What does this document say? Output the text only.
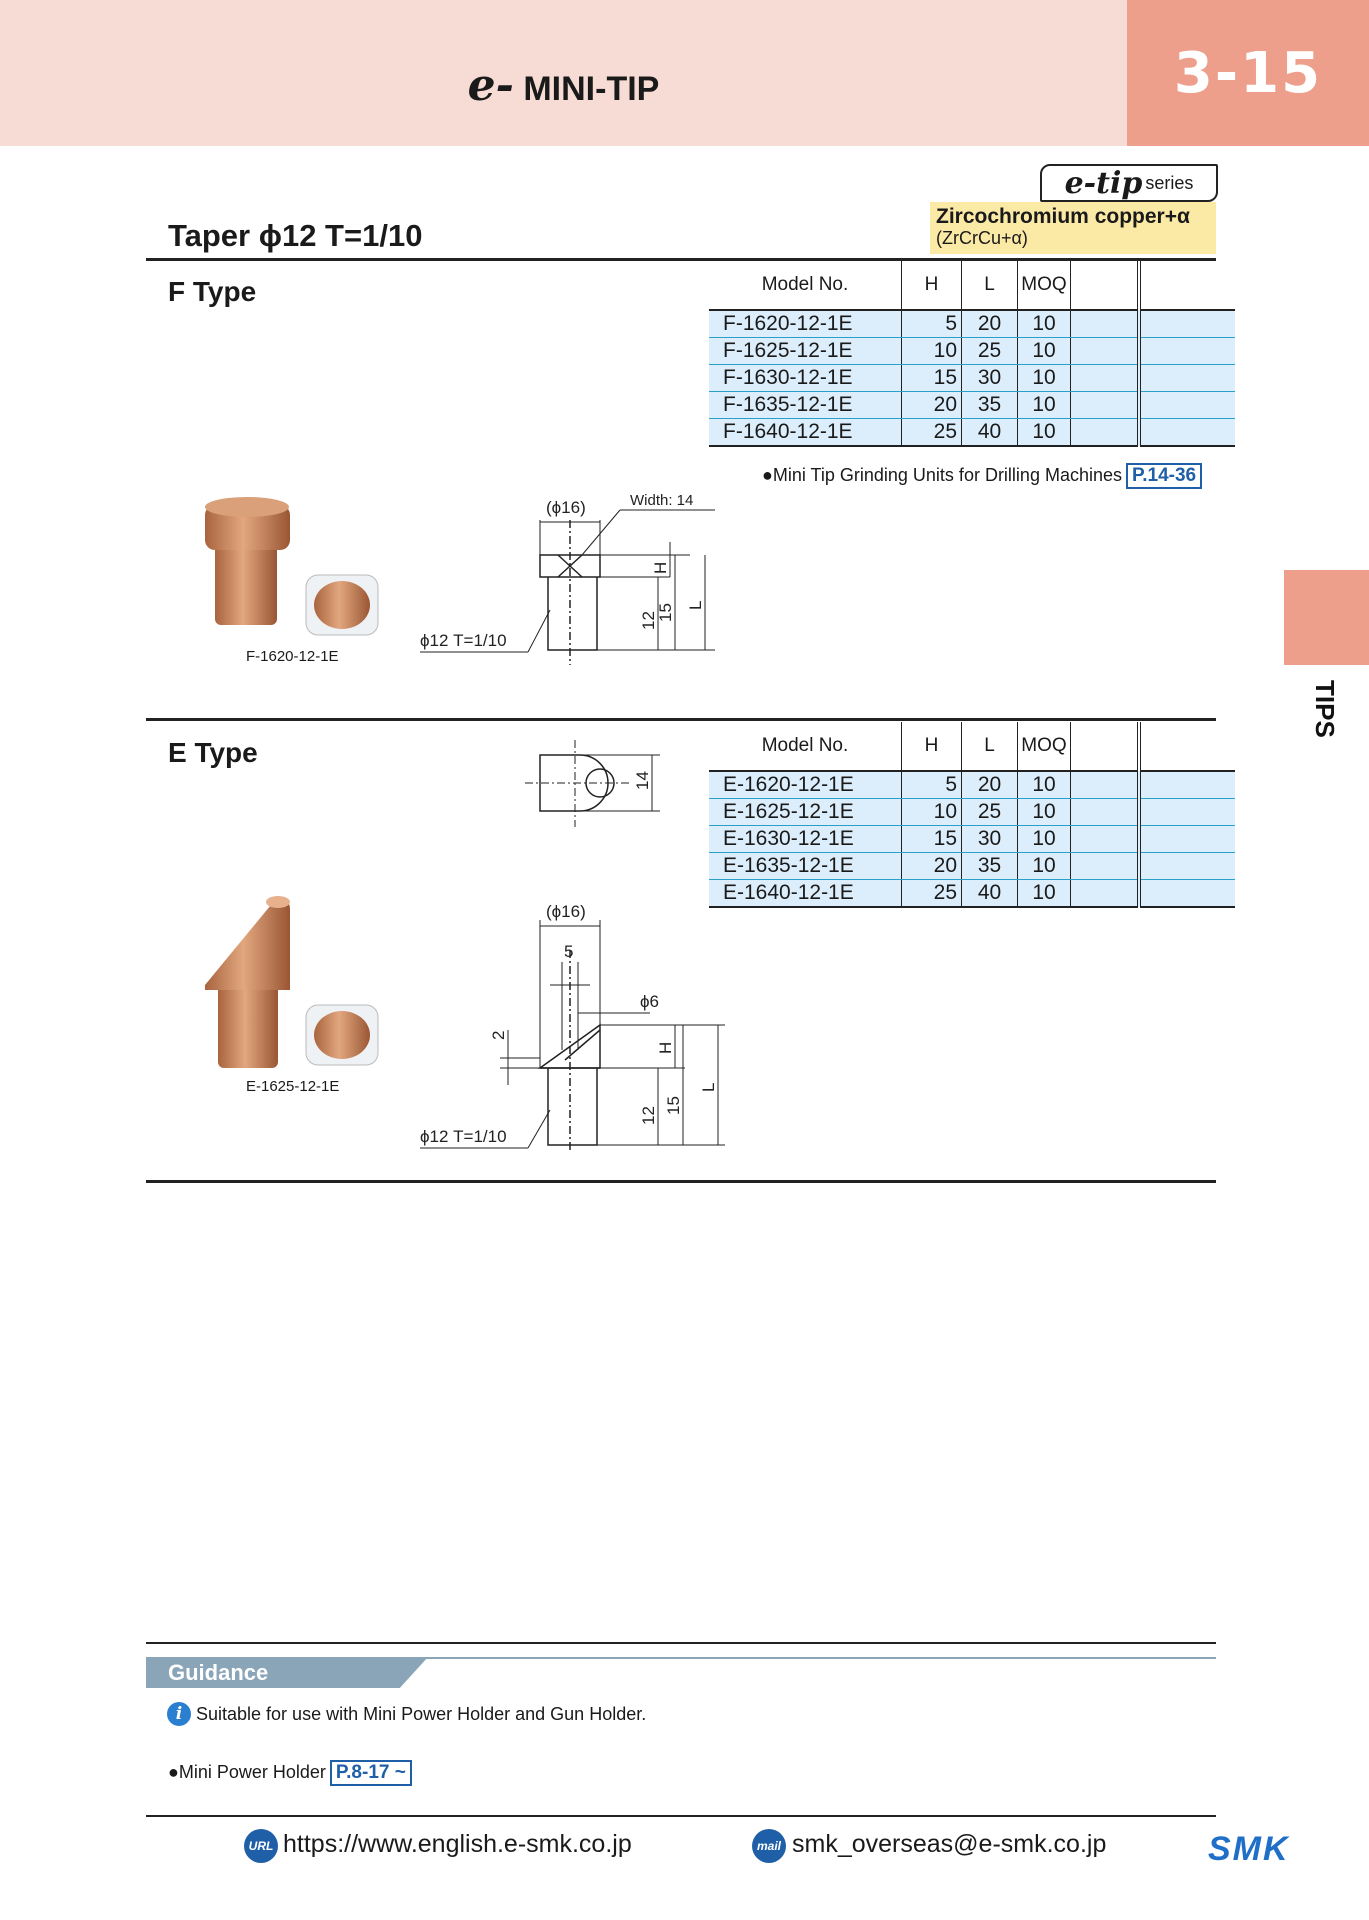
e- MINI-TIP	3-15
TIPS
e-tip series
Zircochromium copper+α
(ZrCrCu+α)
Taper ϕ12 T=1/10
F Type	Model No.	H	L	MOQ		
F-1620-12-1E	5	20	10		
F-1625-12-1E	10	25	10		
F-1630-12-1E	15	30	10		
F-1635-12-1E	20	35	10		
F-1640-12-1E	25	40	10		
●Mini Tip Grinding Units for Drilling Machines P.14-36
F-1620-12-1E
(ϕ16)	Width: 14
ϕ12 T=1/10
H
L
12
15
E Type	Model No.	H	L	MOQ		
E-1620-12-1E	5	20	10		
E-1625-12-1E	10	25	10		
E-1630-12-1E	15	30	10		
E-1635-12-1E	20	35	10		
E-1640-12-1E	25	40	10		
14
E-1625-12-1E
(ϕ16)
5
ϕ6
2
ϕ12 T=1/10
H
L
12
15
Guidance
i Suitable for use with Mini Power Holder and Gun Holder.
●Mini Power Holder P.8-17 ~
URL https://www.english.e-smk.co.jp	mail smk_overseas@e-smk.co.jp	SMK
